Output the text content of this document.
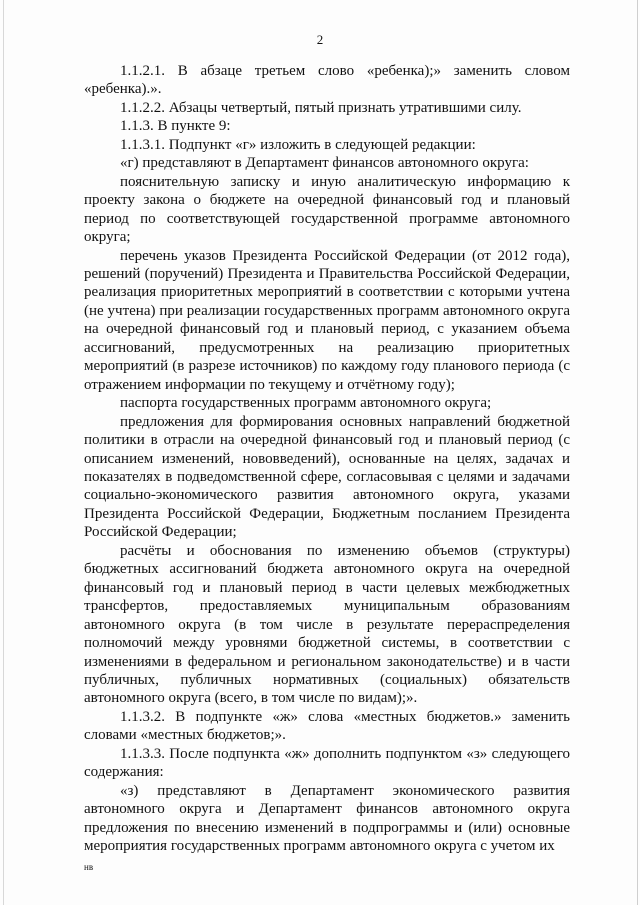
2

1.1.2.1. В абзаце третьем слово «ребенка);» заменить словом «ребенка).».

1.1.2.2. Абзацы четвертый, пятый признать утратившими силу.

1.1.3. В пункте 9:

1.1.3.1. Подпункт «г» изложить в следующей редакции:

«г) представляют в Департамент финансов автономного округа:

пояснительную записку и иную аналитическую информацию к проекту закона о бюджете на очередной финансовый год и плановый период по соответствующей государственной программе автономного округа;

перечень указов Президента Российской Федерации (от 2012 года), решений (поручений) Президента и Правительства Российской Федерации, реализация приоритетных мероприятий в соответствии с которыми учтена (не учтена) при реализации государственных программ автономного округа на очередной финансовый год и плановый период, с указанием объема ассигнований, предусмотренных на реализацию приоритетных мероприятий (в разрезе источников) по каждому году планового периода (с отражением информации по текущему и отчётному году);

паспорта государственных программ автономного округа;

предложения для формирования основных направлений бюджетной политики в отрасли на очередной финансовый год и плановый период (с описанием изменений, нововведений), основанные на целях, задачах и показателях в подведомственной сфере, согласовывая с целями и задачами социально-экономического развития автономного округа, указами Президента Российской Федерации, Бюджетным посланием Президента Российской Федерации;

расчёты и обоснования по изменению объемов (структуры) бюджетных ассигнований бюджета автономного округа на очередной финансовый год и плановый период в части целевых межбюджетных трансфертов, предоставляемых муниципальным образованиям автономного округа (в том числе в результате перераспределения полномочий между уровнями бюджетной системы, в соответствии с изменениями в федеральном и региональном законодательстве) и в части публичных, публичных нормативных (социальных) обязательств автономного округа (всего, в том числе по видам);».

1.1.3.2. В подпункте «ж» слова «местных бюджетов.» заменить словами «местных бюджетов;».

1.1.3.3. После подпункта «ж» дополнить подпунктом «з» следующего содержания:

«з) представляют в Департамент экономического развития автономного округа и Департамент финансов автономного округа предложения по внесению изменений в подпрограммы и (или) основные мероприятия государственных программ автономного округа с учетом их

нв
